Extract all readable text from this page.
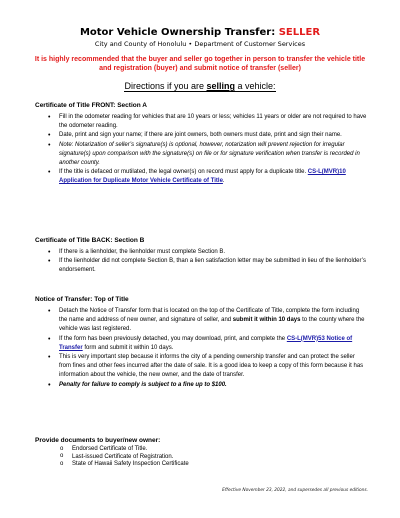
Motor Vehicle Ownership Transfer: SELLER
City and County of Honolulu • Department of Customer Services
It is highly recommended that the buyer and seller go together in person to transfer the vehicle title and registration (buyer) and submit notice of transfer (seller)
Directions if you are selling a vehicle:
Certificate of Title FRONT: Section A
• Fill in the odometer reading for vehicles that are 10 years or less; vehicles 11 years or older are not required to have the odometer reading.
• Date, print and sign your name; if there are joint owners, both owners must date, print and sign their name.
• Note: Notarization of seller’s signature(s) is optional, however, notarization will prevent rejection for irregular signature(s) upon comparison with the signature(s) on file or for signature verification when transfer is recorded in another county.
• If the title is defaced or mutilated, the legal owner(s) on record must apply for a duplicate title. CS-L(MVR)10 Application for Duplicate Motor Vehicle Certificate of Title.
Certificate of Title BACK: Section B
• If there is a lienholder, the lienholder must complete Section B.
• If the lienholder did not complete Section B, than a lien satisfaction letter may be submitted in lieu of the lienholder’s endorsement.
Notice of Transfer: Top of Title
• Detach the Notice of Transfer form that is located on the top of the Certificate of Title, complete the form including the name and address of new owner, and signature of seller, and submit it within 10 days to the county where the vehicle was last registered.
• If the form has been previously detached, you may download, print, and complete the CS-L(MVR)53 Notice of Transfer form and submit it within 10 days.
• This is very important step because it informs the city of a pending ownership transfer and can protect the seller from fines and other fees incurred after the date of sale. It is a good idea to keep a copy of this form because it has information about the vehicle, the new owner, and the date of transfer.
• Penalty for failure to comply is subject to a fine up to $100.
Provide documents to buyer/new owner:
o Endorsed Certificate of Title.
o Last-issued Certificate of Registration.
o State of Hawaii Safety Inspection Certificate
Effective November 23, 2022, and supersedes all previous editions.
